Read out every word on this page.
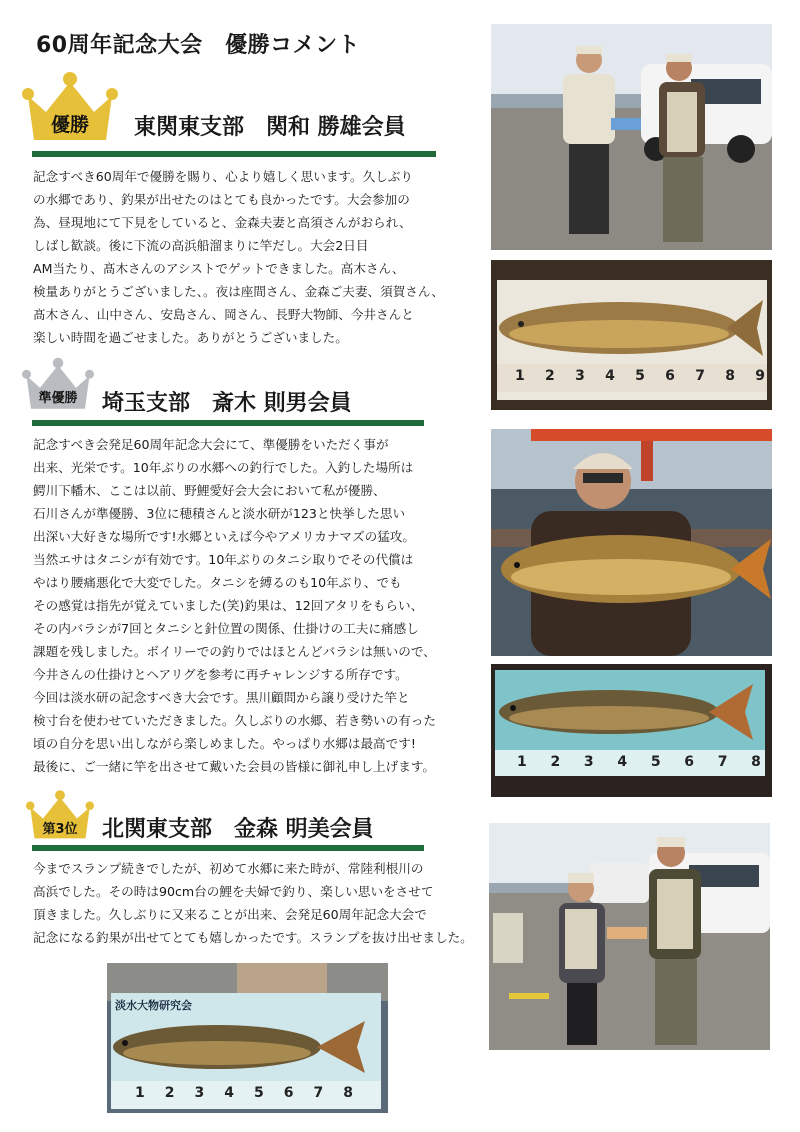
60周年記念大会　優勝コメント
優勝	東関東支部　関和 勝雄会員
記念すべき60周年で優勝を賜り、心より嬉しく思います。久しぶり
の水郷であり、釣果が出せたのはとても良かったです。大会参加の
為、昼現地にて下見をしていると、金森夫妻と高須さんがおられ、
しばし歓談。後に下流の高浜船溜まりに竿だし。大会2日目
AM当たり、髙木さんのアシストでゲットできました。高木さん、
検量ありがとうございました、。夜は座間さん、金森ご夫妻、須賀さん、
髙木さん、山中さん、安島さん、岡さん、長野大物師、今井さんと
楽しい時間を過ごせました。ありがとうございました。
準優勝	埼玉支部　斎木 則男会員
記念すべき会発足60周年記念大会にて、準優勝をいただく事が
出来、光栄です。10年ぶりの水郷への釣行でした。入釣した場所は
鰐川下幡木、ここは以前、野鯉愛好会大会において私が優勝、
石川さんが準優勝、3位に穂積さんと淡水研が123と快挙した思い
出深い大好きな場所です!水郷といえば今やアメリカナマズの猛攻。
当然エサはタニシが有効です。10年ぶりのタニシ取りでその代償は
やはり腰痛悪化で大変でした。タニシを縛るのも10年ぶり、でも
その感覚は指先が覚えていました(笑)釣果は、12回アタリをもらい、
その内バラシが7回とタニシと針位置の関係、仕掛けの工夫に痛感し
課題を残しました。ボイリーでの釣りではほとんどバラシは無いので、
今井さんの仕掛けとヘアリグを参考に再チャレンジする所存です。
今回は淡水研の記念すべき大会です。黒川顧問から譲り受けた竿と
検寸台を使わせていただきました。久しぶりの水郷、若き勢いの有った
頃の自分を思い出しながら楽しめました。やっぱり水郷は最高です!
最後に、ご一緒に竿を出させて戴いた会員の皆様に御礼申し上げます。
第3位	北関東支部　金森 明美会員
今までスランプ続きでしたが、初めて水郷に来た時が、常陸利根川の
高浜でした。その時は90cm台の鯉を夫婦で釣り、楽しい思いをさせて
頂きました。久しぶりに又来ることが出来、会発足60周年記念大会で
記念になる釣果が出せてとても嬉しかったです。スランプを抜け出せました。
1 2 3 4 5 6 7 8 9
1 2 3 4 5 6 7 8
淡水大物研究会
1 2 3 4 5 6 7 8
